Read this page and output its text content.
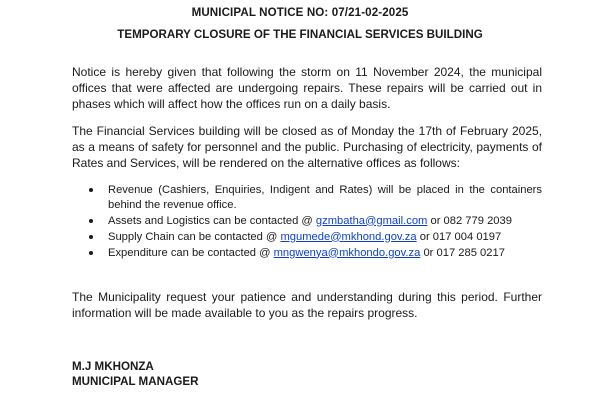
MUNICIPAL NOTICE NO: 07/21-02-2025
TEMPORARY CLOSURE OF THE FINANCIAL SERVICES BUILDING

Notice is hereby given that following the storm on 11 November 2024, the municipal offices that were affected are undergoing repairs. These repairs will be carried out in phases which will affect how the offices run on a daily basis.

The Financial Services building will be closed as of Monday the 17th of February 2025, as a means of safety for personnel and the public. Purchasing of electricity, payments of Rates and Services, will be rendered on the alternative offices as follows:

Revenue (Cashiers, Enquiries, Indigent and Rates) will be placed in the containers behind the revenue office.
Assets and Logistics can be contacted @ gzmbatha@gmail.com or 082 779 2039
Supply Chain can be contacted @ mgumede@mkhond.gov.za or 017 004 0197
Expenditure can be contacted @ mngwenya@mkhondo.gov.za 0r 017 285 0217

The Municipality request your patience and understanding during this period. Further information will be made available to you as the repairs progress.

M.J MKHONZA
MUNICIPAL MANAGER
